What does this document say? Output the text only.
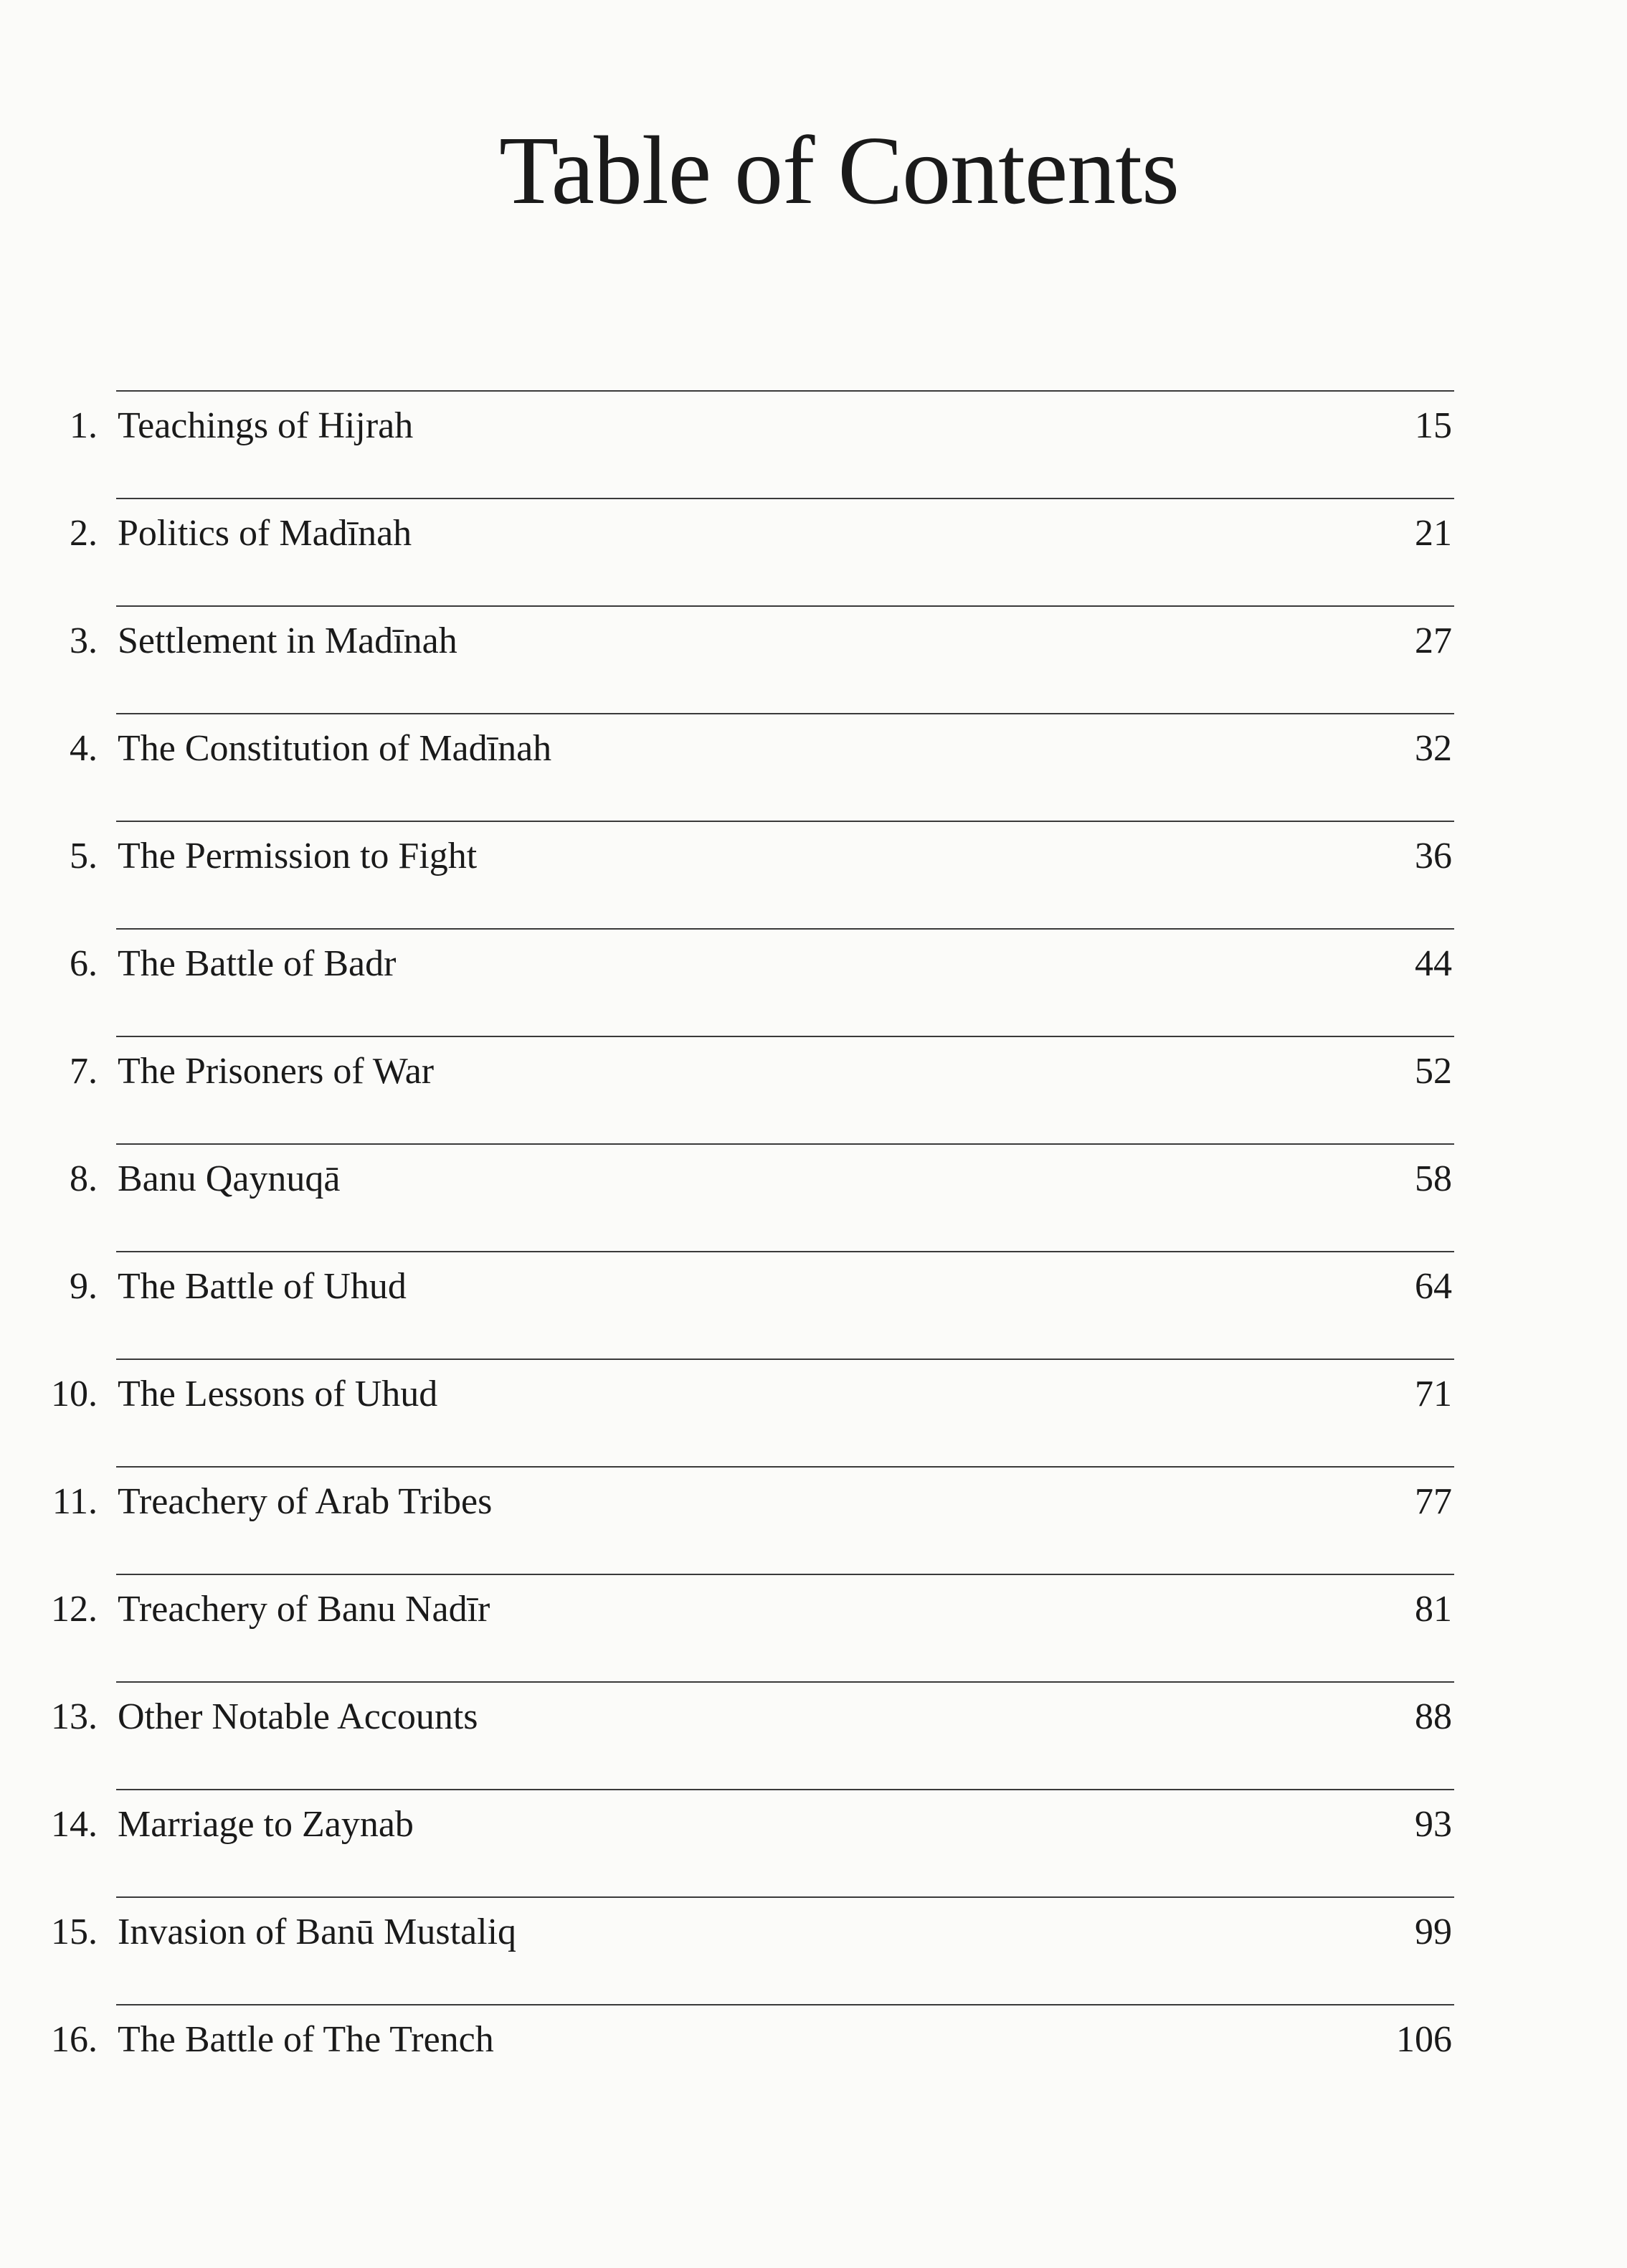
Table of Contents
1. Teachings of Hijrah	15
2. Politics of Madīnah	21
3. Settlement in Madīnah	27
4. The Constitution of Madīnah	32
5. The Permission to Fight	36
6. The Battle of Badr	44
7. The Prisoners of War	52
8. Banu Qaynuqā	58
9. The Battle of Uhud	64
10. The Lessons of Uhud	71
11. Treachery of Arab Tribes	77
12. Treachery of Banu Nadīr	81
13. Other Notable Accounts	88
14. Marriage to Zaynab	93
15. Invasion of Banū Mustaliq	99
16. The Battle of The Trench	106
